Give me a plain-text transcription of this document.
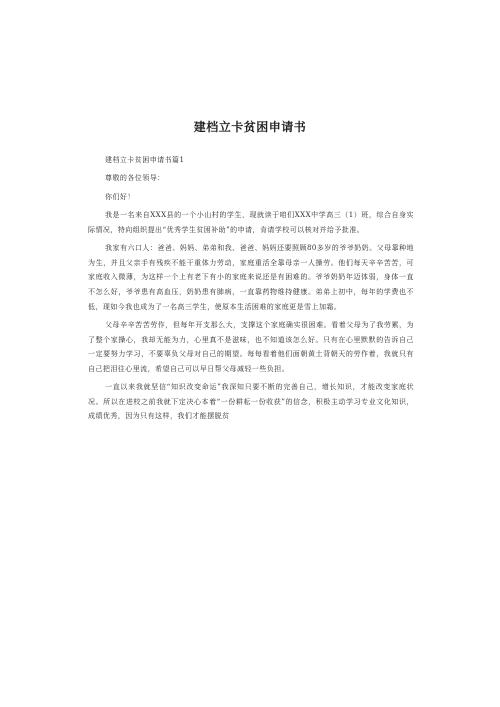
建档立卡贫困申请书

建档立卡贫困申请书篇1

尊敬的各位领导：

你们好！

我是一名来自XXX县的一个小山村的学生，现就读于咱们XXX中学高三（1）班，综合自身实际情况，特向组织提出“优秀学生贫困补助”的申请，肯请学校可以核对并给予批准。

我家有六口人：爸爸、妈妈、弟弟和我、爸爸、妈妈还要照顾80多岁的爷爷奶奶。父母靠种地为生，并且父亲手有残疾不能干重体力劳动，家庭重活全靠母亲一人操劳。他们每天辛辛苦苦，可家庭收入微薄，为这样一个上有老下有小的家庭来说还是有困难的。爷爷奶奶年迈体弱，身体一直不怎么好，爷爷患有高血压，奶奶患有肺病，一直靠药物维持健康。弟弟上初中，每年的学费也不低，现如今我也成为了一名高三学生，使原本生活困难的家庭更是雪上加霜。

父母辛辛苦苦劳作，但每年开支那么大，支撑这个家庭确实很困难。看着父母为了我劳累，为了整个家操心，我却无能为力，心里真不是滋味，也不知道该怎么好。只有在心里默默的告诉自己一定要努力学习，不要辜负父母对自己的期望。每每看着他们面朝黄土背朝天的劳作着，我就只有自己把泪往心里流，希望自己可以早日帮父母减轻一些负担。

一直以来我就坚信“知识改变命运”我深知只要不断的完善自己，增长知识，才能改变家庭状况。所以在进校之前我就下定决心本着“一份耕耘一份收获”的信念，积极主动学习专业文化知识，成绩优秀，因为只有这样，我们才能摆脱贫
